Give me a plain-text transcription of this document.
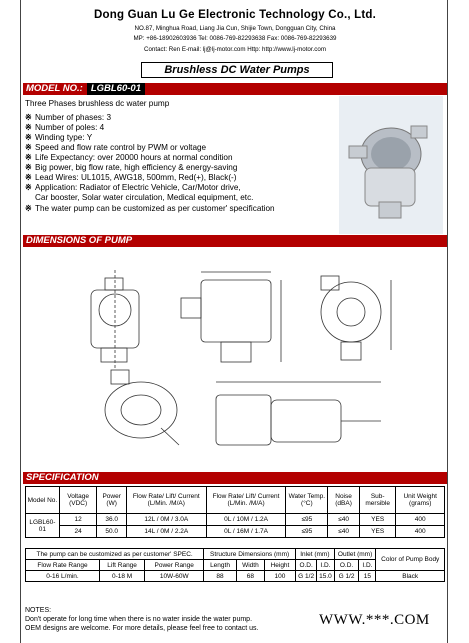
Dong Guan Lu Ge Electronic Technology Co., Ltd.
NO.87, Minghua Road, Liang Jia Cun, Shijie Town, Dongguan City, China
MP: +86-18902603936 Tel: 0086-769-82293638 Fax: 0086-769-82293639
Contact: Ren E-mail: lj@lj-motor.com Http: http://www.lj-motor.com
Brushless DC Water Pumps
MODEL NO.: LGBL60-01
Three Phases brushless dc water pump
※ Number of phases: 3
※ Number of poles: 4
※ Winding type: Y
※ Speed and flow rate control by PWM or voltage
※ Life Expectancy: over 20000 hours at normal condition
※ Big power, big flow rate, high efficiency & energy-saving
※ Lead Wires: UL1015, AWG18, 500mm, Red(+), Black(-)
※ Application: Radiator of Electric Vehicle, Car/Motor drive,
Car booster, Solar water circulation, Medical equipment, etc.
※ The water pump can be customized as per customer' specification
DIMENSIONS OF PUMP
SPECIFICATION
Model No.	Voltage (VDC)	Power (W)	Flow Rate/ Lift/ Current (L/Min. /M/A)	Flow Rate/ Lift/ Current (L/Min. /M/A)	Water Temp. (°C)	Noise (dBA)	Sub-mersible	Unit Weight (grams)
LGBL60-01	12	36.0	12L / 0M / 3.0A	0L / 10M / 1.2A	≤95	≤40	YES	400
	24	50.0	14L / 0M / 2.2A	0L / 16M / 1.7A	≤95	≤40	YES	400
The pump can be customized as per customer' SPEC.			Structure Dimensions (mm)			Inlet (mm)		Outlet (mm)		Color of Pump Body
Flow Rate Range	Lift Range	Power Range	Length	Width	Height	O.D.	I.D.	O.D.	I.D.	
0-16 L/min.	0-18 M	10W-60W	88	68	100	G 1/2	15.0	G 1/2	15	Black
NOTES:
Don't operate for long time when there is no water inside the water pump.
OEM designs are welcome. For more details, please feel free to contact us.
WWW.***.COM
